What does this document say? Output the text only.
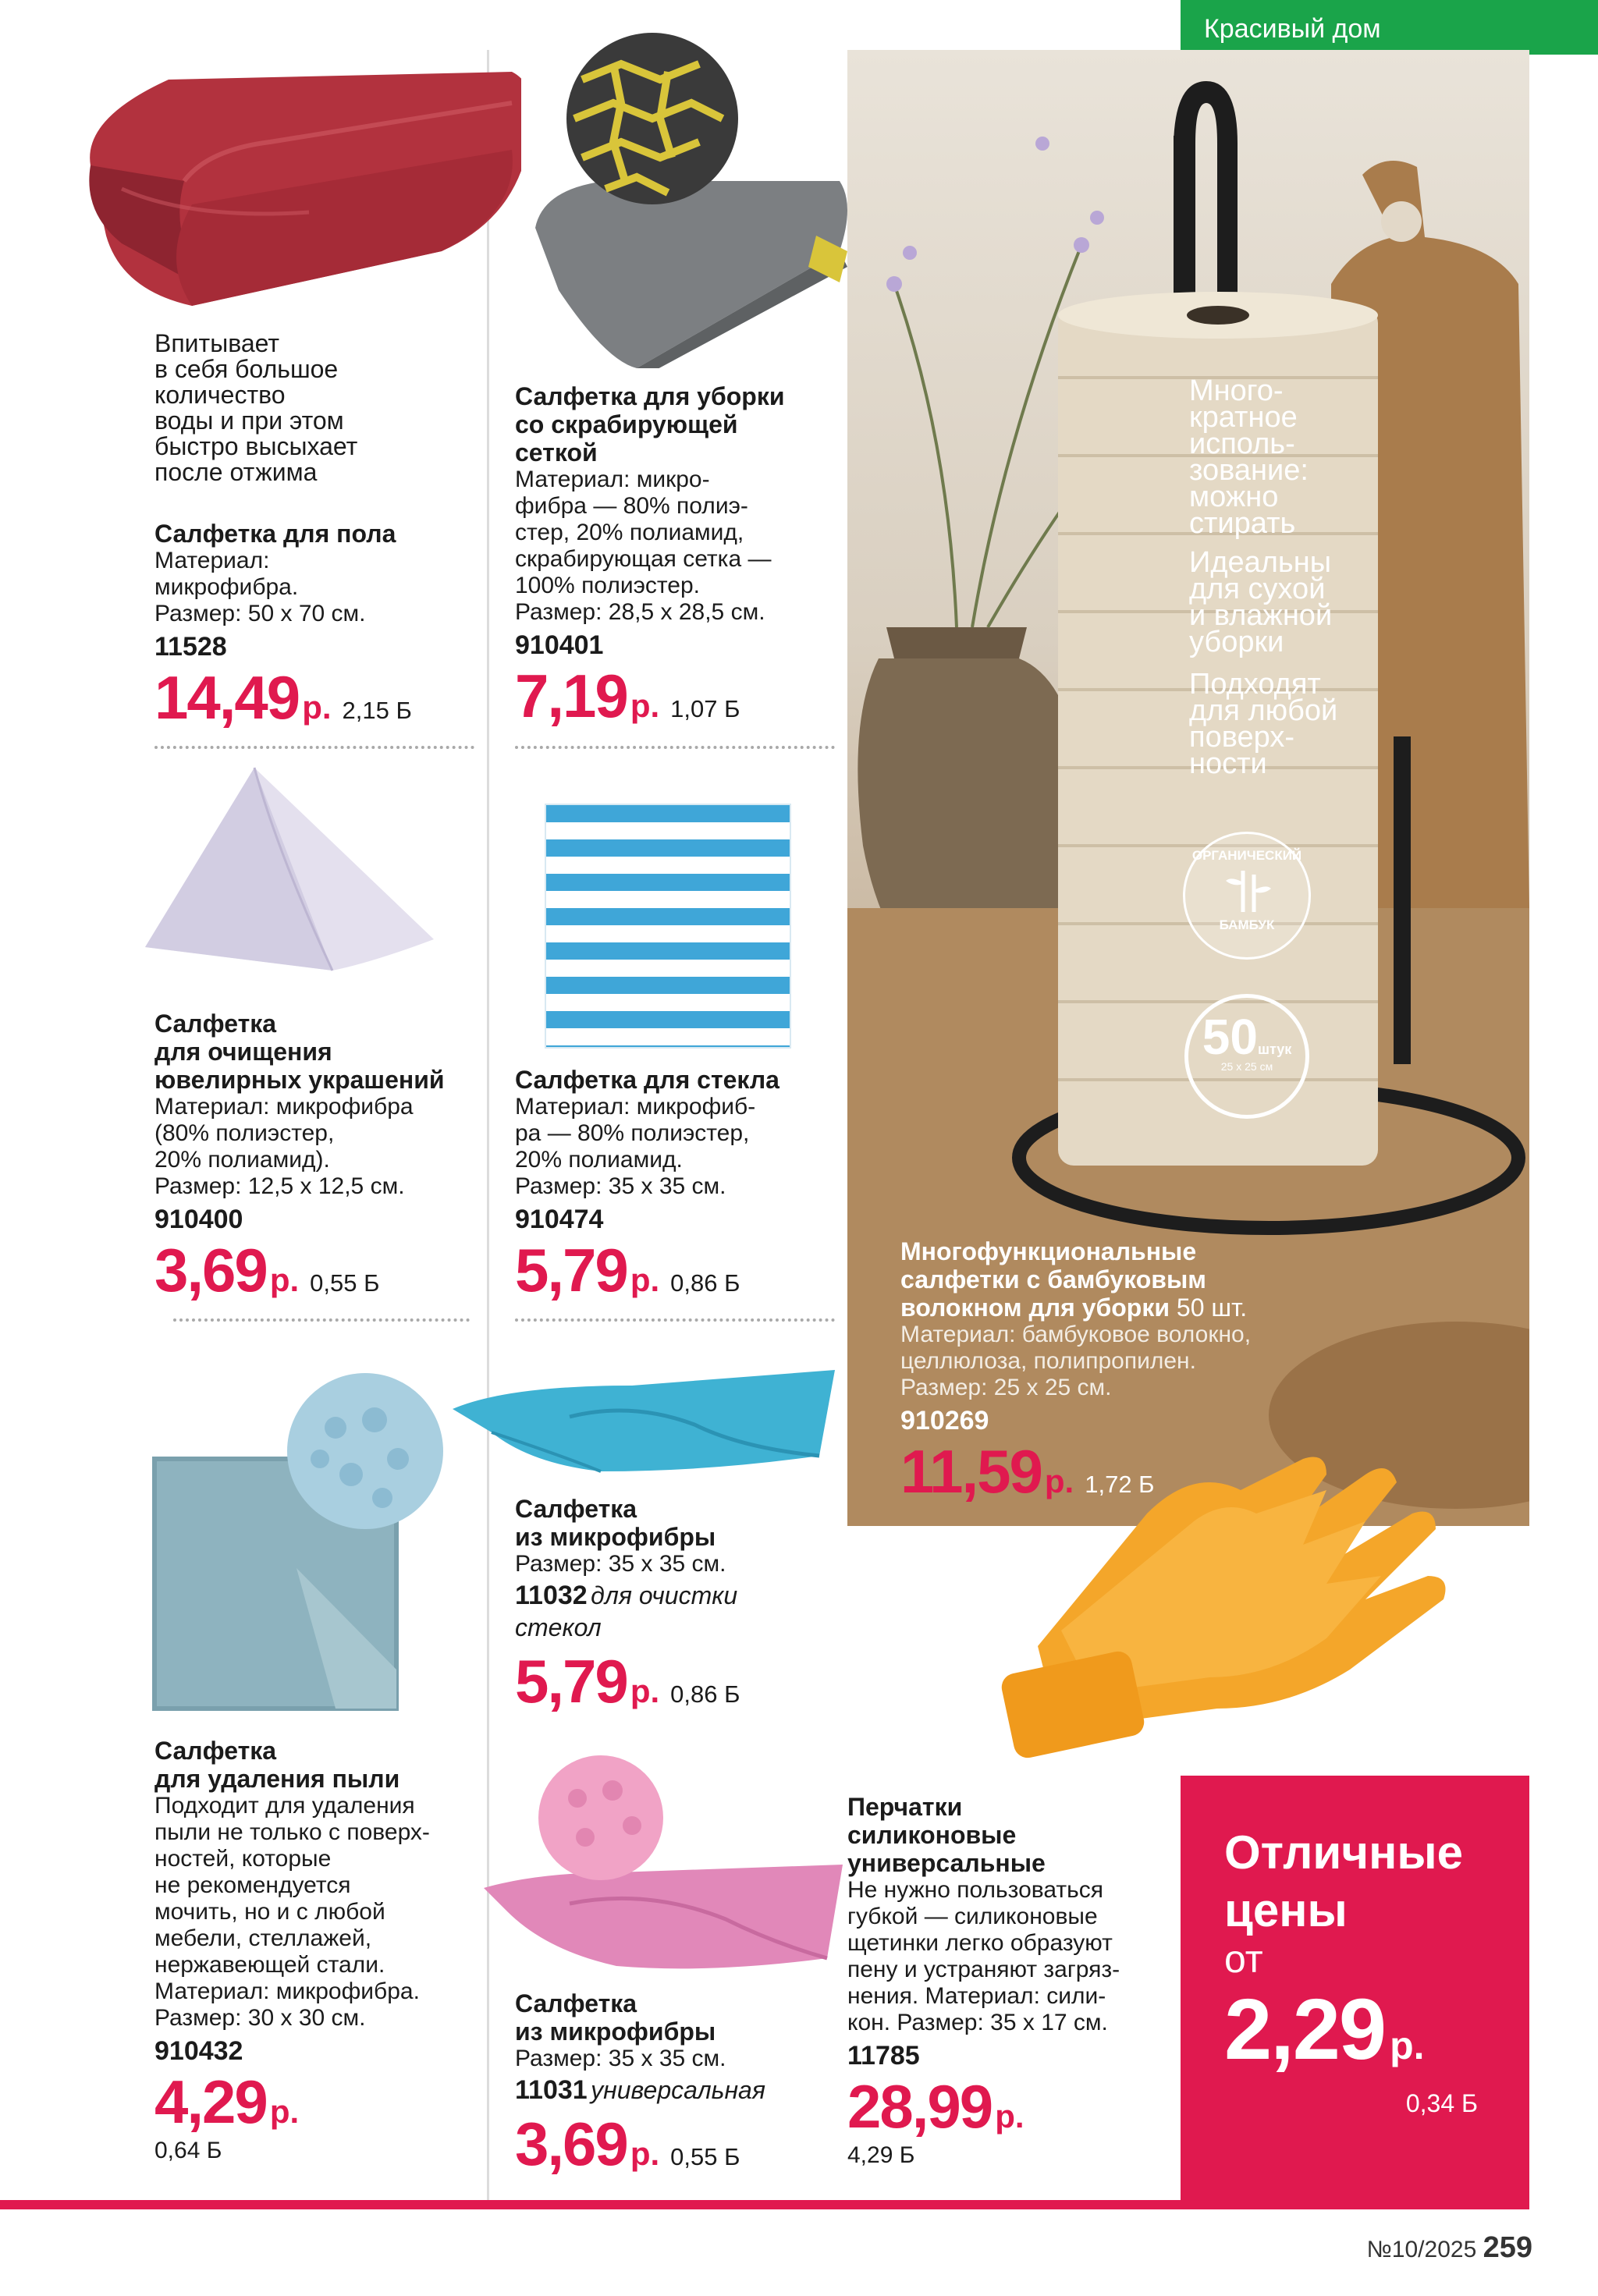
Красивый дом
Впитывает
в себя большое
количество
воды и при этом
быстро высыхает
после отжима
Салфетка для пола
Материал:
микрофибра.
Размер: 50 х 70 см.
11528
14,49р. 2,15 Б
Салфетка для уборки
со скрабирующей
сеткой
Материал: микро-
фибра — 80% полиэ-
стер, 20% полиамид,
скрабирующая сетка —
100% полиэстер.
Размер: 28,5 х 28,5 см.
910401
7,19р. 1,07 Б
Салфетка
для очищения
ювелирных украшений
Материал: микрофибра
(80% полиэстер,
20% полиамид).
Размер: 12,5 х 12,5 см.
910400
3,69р. 0,55 Б
Салфетка для стекла
Материал: микрофиб-
ра — 80% полиэстер,
20% полиамид.
Размер: 35 х 35 см.
910474
5,79р. 0,86 Б
Салфетка
для удаления пыли
Подходит для удаления
пыли не только с поверх-
ностей, которые
не рекомендуется
мочить, но и с любой
мебели, стеллажей,
нержавеющей стали.
Материал: микрофибра.
Размер: 30 х 30 см.
910432
4,29р.
0,64 Б
Салфетка
из микрофибры
Размер: 35 х 35 см.
11032 для очистки стекол
5,79р. 0,86 Б
Салфетка
из микрофибры
Размер: 35 х 35 см.
11031 универсальная
3,69р. 0,55 Б
Много-
кратное
исполь-
зование:
можно
стирать
Идеальны
для сухой
и влажной
уборки
Подходят
для любой
поверх-
ности
ОРГАНИЧЕСКИЙ
БАМБУК
50штук
25 x 25 см
Многофункциональные
салфетки с бамбуковым
волокном для уборки 50 шт.
Материал: бамбуковое волокно,
целлюлоза, полипропилен.
Размер: 25 х 25 см.
910269
11,59р. 1,72 Б
Перчатки
силиконовые
универсальные
Не нужно пользоваться
губкой — силиконовые
щетинки легко образуют
пену и устраняют загряз-
нения. Материал: сили-
кон. Размер: 35 х 17 см.
11785
28,99р.
4,29 Б
Отличные
цены
от
2,29 р.
0,34 Б
№10/2025 259
